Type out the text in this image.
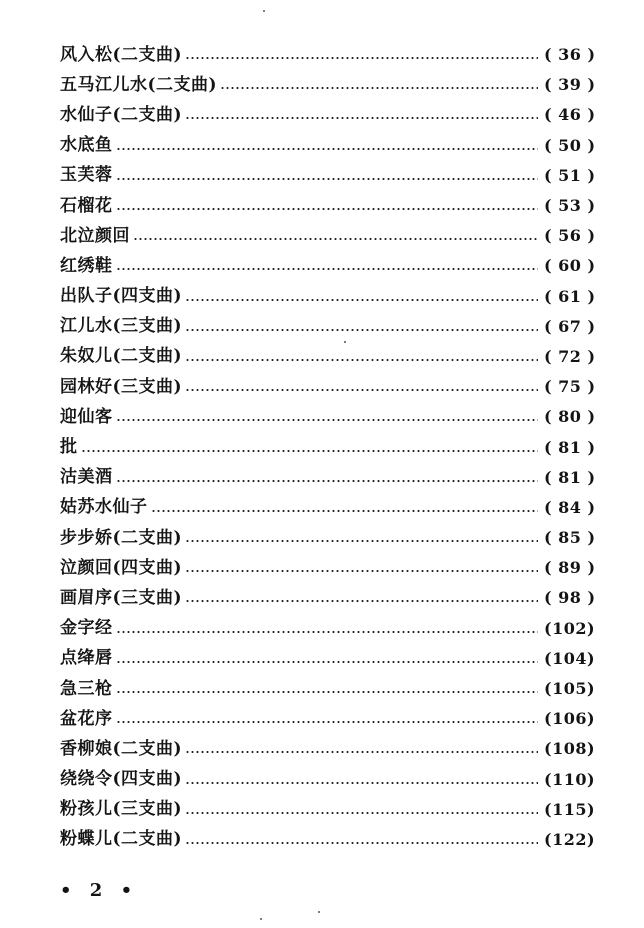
风入松(二支曲)	( 36 )
五马江儿水(二支曲)	( 39 )
水仙子(二支曲)	( 46 )
水底鱼	( 50 )
玉芙蓉	( 51 )
石榴花	( 53 )
北泣颜回	( 56 )
红绣鞋	( 60 )
出队子(四支曲)	( 61 )
江儿水(三支曲)	( 67 )
朱奴儿(二支曲)	( 72 )
园林好(三支曲)	( 75 )
迎仙客	( 80 )
批	( 81 )
沽美酒	( 81 )
姑苏水仙子	( 84 )
步步娇(二支曲)	( 85 )
泣颜回(四支曲)	( 89 )
画眉序(三支曲)	( 98 )
金字经	(102)
点绛唇	(104)
急三枪	(105)
盆花序	(106)
香柳娘(二支曲)	(108)
绕绕令(四支曲)	(110)
粉孩儿(三支曲)	(115)
粉蝶儿(二支曲)	(122)
• 2 •
